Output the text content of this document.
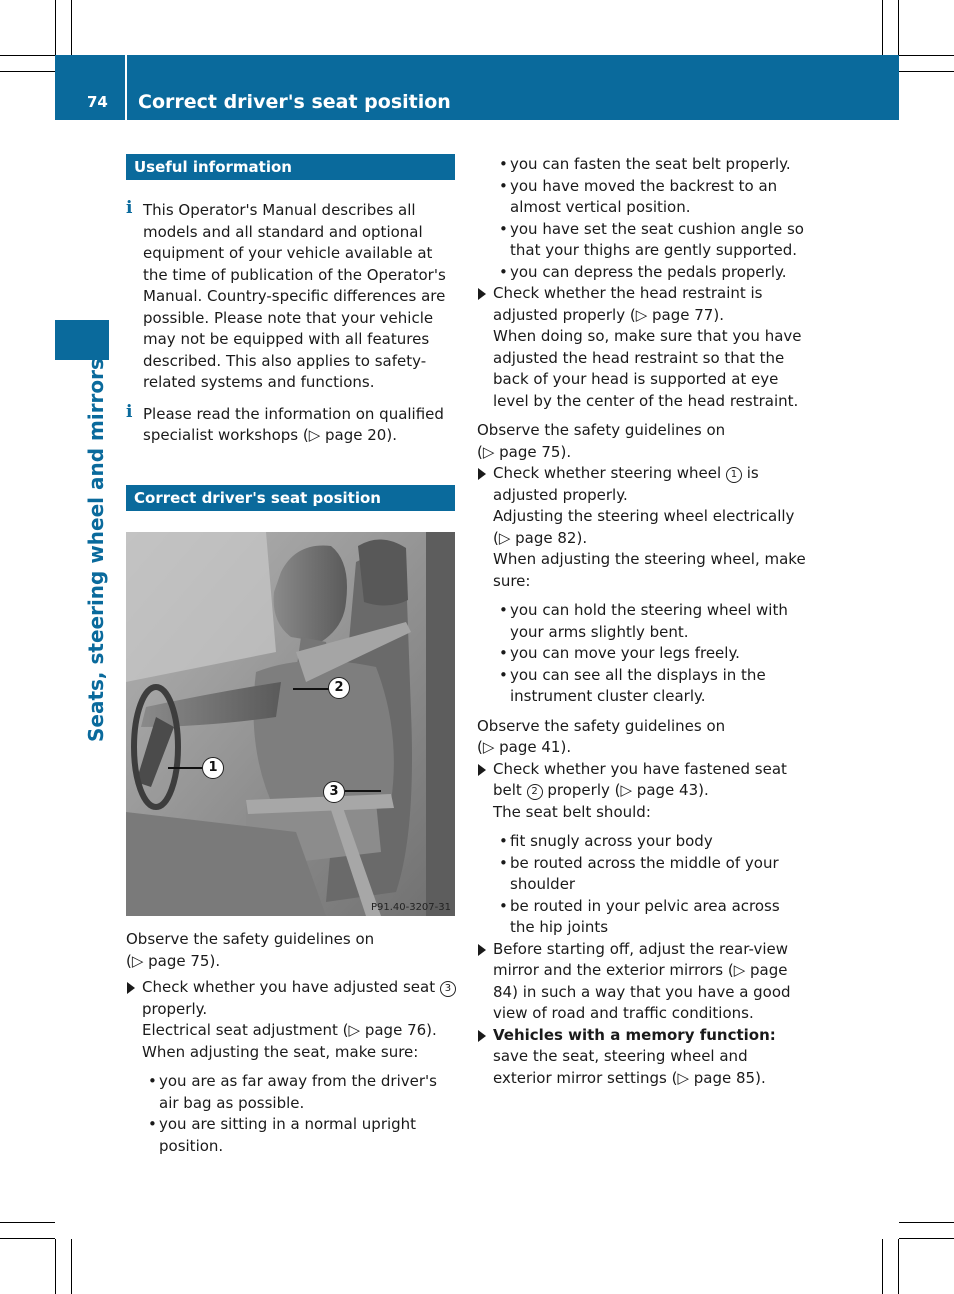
74 Correct driver's seat position
Seats, steering wheel and mirrors
Useful information
Correct driver's seat position

i This Operator's Manual describes all models and all standard and optional equipment of your vehicle available at the time of publication of the Operator's Manual. Country-specific differences are possible. Please note that your vehicle may not be equipped with all features described. This also applies to safety-related systems and functions.

i Please read the information on qualified specialist workshops (▷ page 20).

2
1
3
P91.40-3207-31

Observe the safety guidelines on (▷ page 75).

Check whether you have adjusted seat 3 properly.

Electrical seat adjustment (▷ page 76).

When adjusting the seat, make sure:

• you are as far away from the driver's air bag as possible.

• you are sitting in a normal upright position.

• you can fasten the seat belt properly.

• you have moved the backrest to an almost vertical position.

• you have set the seat cushion angle so that your thighs are gently supported.

• you can depress the pedals properly.

Check whether the head restraint is adjusted properly (▷ page 77).

When doing so, make sure that you have adjusted the head restraint so that the back of your head is supported at eye level by the center of the head restraint.

Observe the safety guidelines on (▷ page 75).

Check whether steering wheel 1 is adjusted properly.

Adjusting the steering wheel electrically (▷ page 82).

When adjusting the steering wheel, make sure:

• you can hold the steering wheel with your arms slightly bent.

• you can move your legs freely.

• you can see all the displays in the instrument cluster clearly.

Observe the safety guidelines on (▷ page 41).

Check whether you have fastened seat belt 2 properly (▷ page 43).

The seat belt should:

• fit snugly across your body

• be routed across the middle of your shoulder

• be routed in your pelvic area across the hip joints

Before starting off, adjust the rear-view mirror and the exterior mirrors (▷ page 84) in such a way that you have a good view of road and traffic conditions.

Vehicles with a memory function: save the seat, steering wheel and exterior mirror settings (▷ page 85).
